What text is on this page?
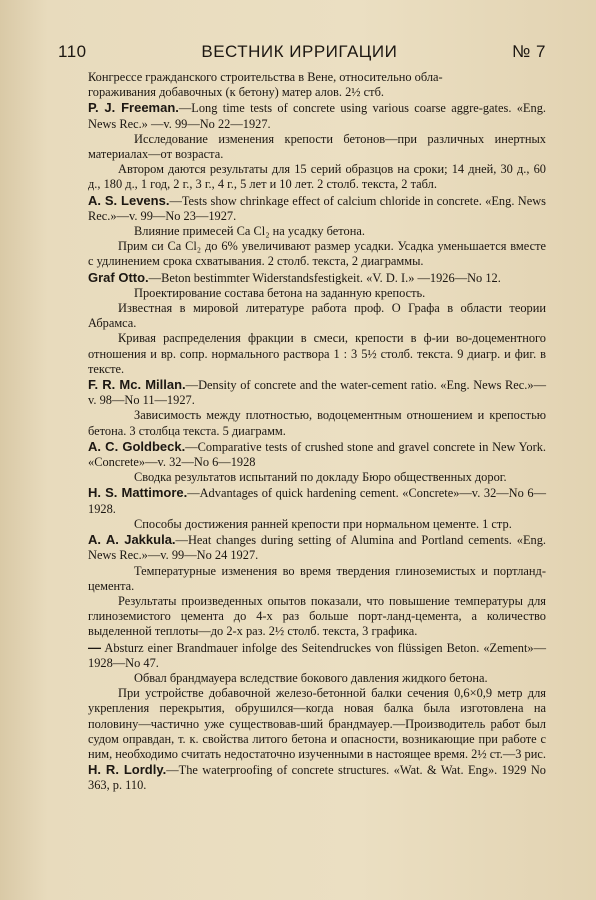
110	ВЕСТНИК ИРРИГАЦИИ	№ 7

Конгрессе гражданского строительства в Вене, относительно обла-

гораживания добавочных (к бетону) матер алов. 2½ стб.

P. J. Freeman.—Long time tests of concrete using various coarse aggre-gates. «Eng. News Rec.» —v. 99—No 22—1927.

Исследование изменения крепости бетонов—при различных инертных материалах—от возраста.

Автором даются результаты для 15 серий образцов на сроки; 14 дней, 30 д., 60 д., 180 д., 1 год, 2 г., 3 г., 4 г., 5 лет и 10 лет. 2 столб. текста, 2 табл.

A. S. Levens.—Tests show chrinkage effect of calcium chloride in concrete. «Eng. News Rec.»—v. 99—No 23—1927.

Влияние примесей Ca Cl₂ на усадку бетона.

Прим си Ca Cl₂ до 6% увеличивают размер усадки. Усадка уменьшается вместе с удлинением срока схватывания. 2 столб. текста, 2 диаграммы.

Graf Otto.—Beton bestimmter Widerstandsfestigkeit. «V. D. I.» —1926—No 12.

Проектирование состава бетона на заданную крепость.

Известная в мировой литературе работа проф. О Графа в области теории Абрамса.

Кривая распределения фракции в смеси, крепости в ф-ии во-доцементного отношения и вр. сопр. нормального раствора 1 : 3 5½ столб. текста. 9 диагр. и фиг. в тексте.

F. R. Mc. Millan.—Density of concrete and the water-cement ratio. «Eng. News Rec.»—v. 98—No 11—1927.

Зависимость между плотностью, водоцементным отношением и крепостью бетона. 3 столбца текста. 5 диаграмм.

A. C. Goldbeck.—Comparative tests of crushed stone and gravel concrete in New York. «Concrete»—v. 32—No 6—1928

Сводка результатов испытаний по докладу Бюро общественных дорог.

H. S. Mattimore.—Advantages of quick hardening cement. «Concrete»—v. 32—No 6—1928.

Способы достижения ранней крепости при нормальном цементе. 1 стр.

A. A. Jakkula.—Heat changes during setting of Alumina and Portland cements. «Eng. News Rec.»—v. 99—No 24 1927.

Температурные изменения во время твердения глиноземистых и портланд-цемента.

Результаты произведенных опытов показали, что повышение температуры для глиноземистого цемента до 4-х раз больше порт-ланд-цемента, а количество выделенной теплоты—до 2-х раз. 2½ столб. текста, 3 графика.

— Absturz einer Brandmauer infolge des Seitendruckes von flüssigen Beton. «Zement»—1928—No 47.

Обвал брандмауера вследствие бокового давления жидкого бетона.

При устройстве добавочной железо-бетонной балки сечения 0,6×0,9 метр для укрепления перекрытия, обрушился—когда новая балка была изготовлена на половину—частично уже существовав-ший брандмауер.—Производитель работ был судом оправдан, т. к. свойства литого бетона и опасности, возникающие при работе с ним, необходимо считать недостаточно изученными в настоящее время. 2½ ст.—3 рис.

H. R. Lordly.—The waterproofing of concrete structures. «Wat. & Wat. Eng». 1929 No 363, p. 110.
